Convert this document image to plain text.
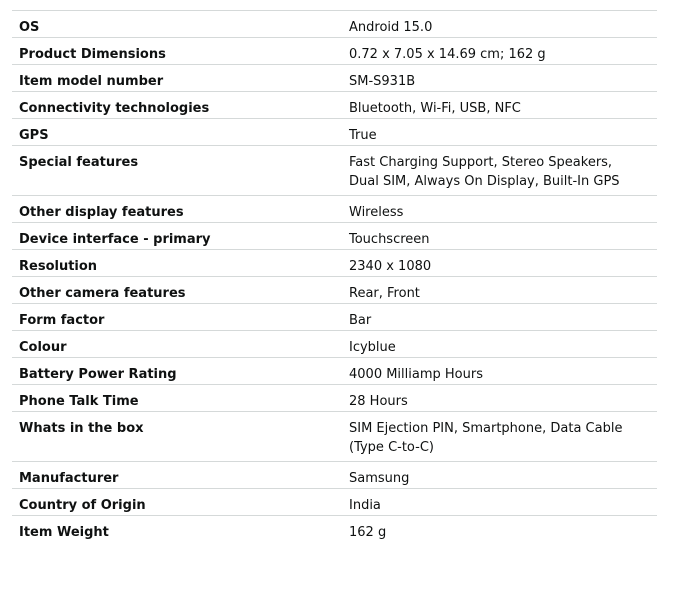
OS	Android 15.0
Product Dimensions	0.72 x 7.05 x 14.69 cm; 162 g
Item model number	SM-S931B
Connectivity technologies	Bluetooth, Wi-Fi, USB, NFC
GPS	True
Special features	Fast Charging Support, Stereo Speakers, Dual SIM, Always On Display, Built-In GPS
Other display features	Wireless
Device interface - primary	Touchscreen
Resolution	2340 x 1080
Other camera features	Rear, Front
Form factor	Bar
Colour	Icyblue
Battery Power Rating	4000 Milliamp Hours
Phone Talk Time	28 Hours
Whats in the box	SIM Ejection PIN, Smartphone, Data Cable (Type C-to-C)
Manufacturer	Samsung
Country of Origin	India
Item Weight	162 g
